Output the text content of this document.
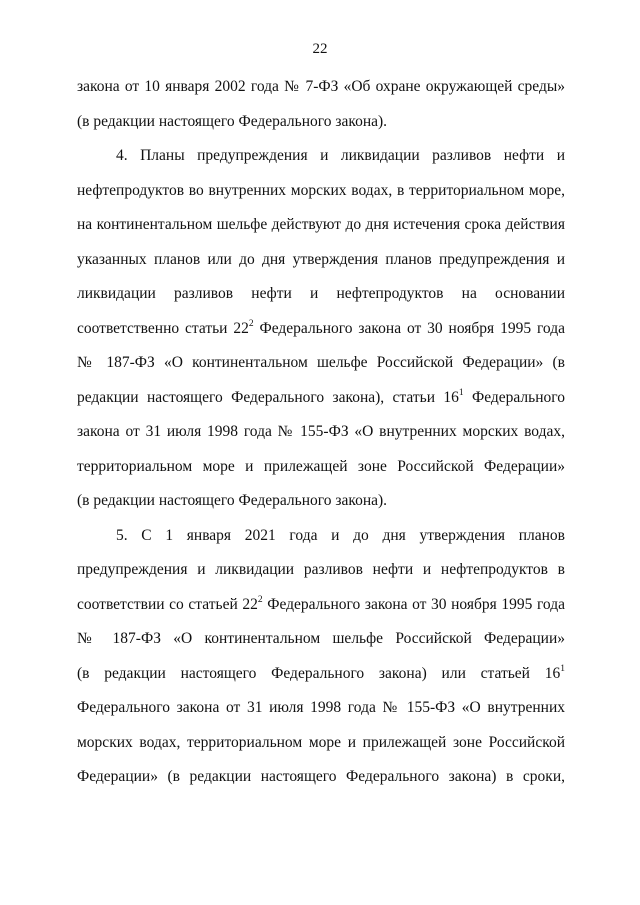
22
закона от 10 января 2002 года № 7-ФЗ «Об охране окружающей среды»
(в редакции настоящего Федерального закона).
4. Планы предупреждения и ликвидации разливов нефти и
нефтепродуктов во внутренних морских водах, в территориальном море,
на континентальном шельфе действуют до дня истечения срока действия
указанных планов или до дня утверждения планов предупреждения и
ликвидации разливов нефти и нефтепродуктов на основании
соответственно статьи $22^2$ Федерального закона от 30 ноября 1995 года
№ 187-ФЗ «О континентальном шельфе Российской Федерации» (в
редакции настоящего Федерального закона), статьи $16^1$ Федерального
закона от 31 июля 1998 года № 155-ФЗ «О внутренних морских водах,
территориальном море и прилежащей зоне Российской Федерации»
(в редакции настоящего Федерального закона).
5. С 1 января 2021 года и до дня утверждения планов
предупреждения и ликвидации разливов нефти и нефтепродуктов в
соответствии со статьей $22^2$ Федерального закона от 30 ноября 1995 года
№ 187-ФЗ «О континентальном шельфе Российской Федерации»
(в редакции настоящего Федерального закона) или статьей $16^1$
Федерального закона от 31 июля 1998 года № 155-ФЗ «О внутренних
морских водах, территориальном море и прилежащей зоне Российской
Федерации» (в редакции настоящего Федерального закона) в сроки,
